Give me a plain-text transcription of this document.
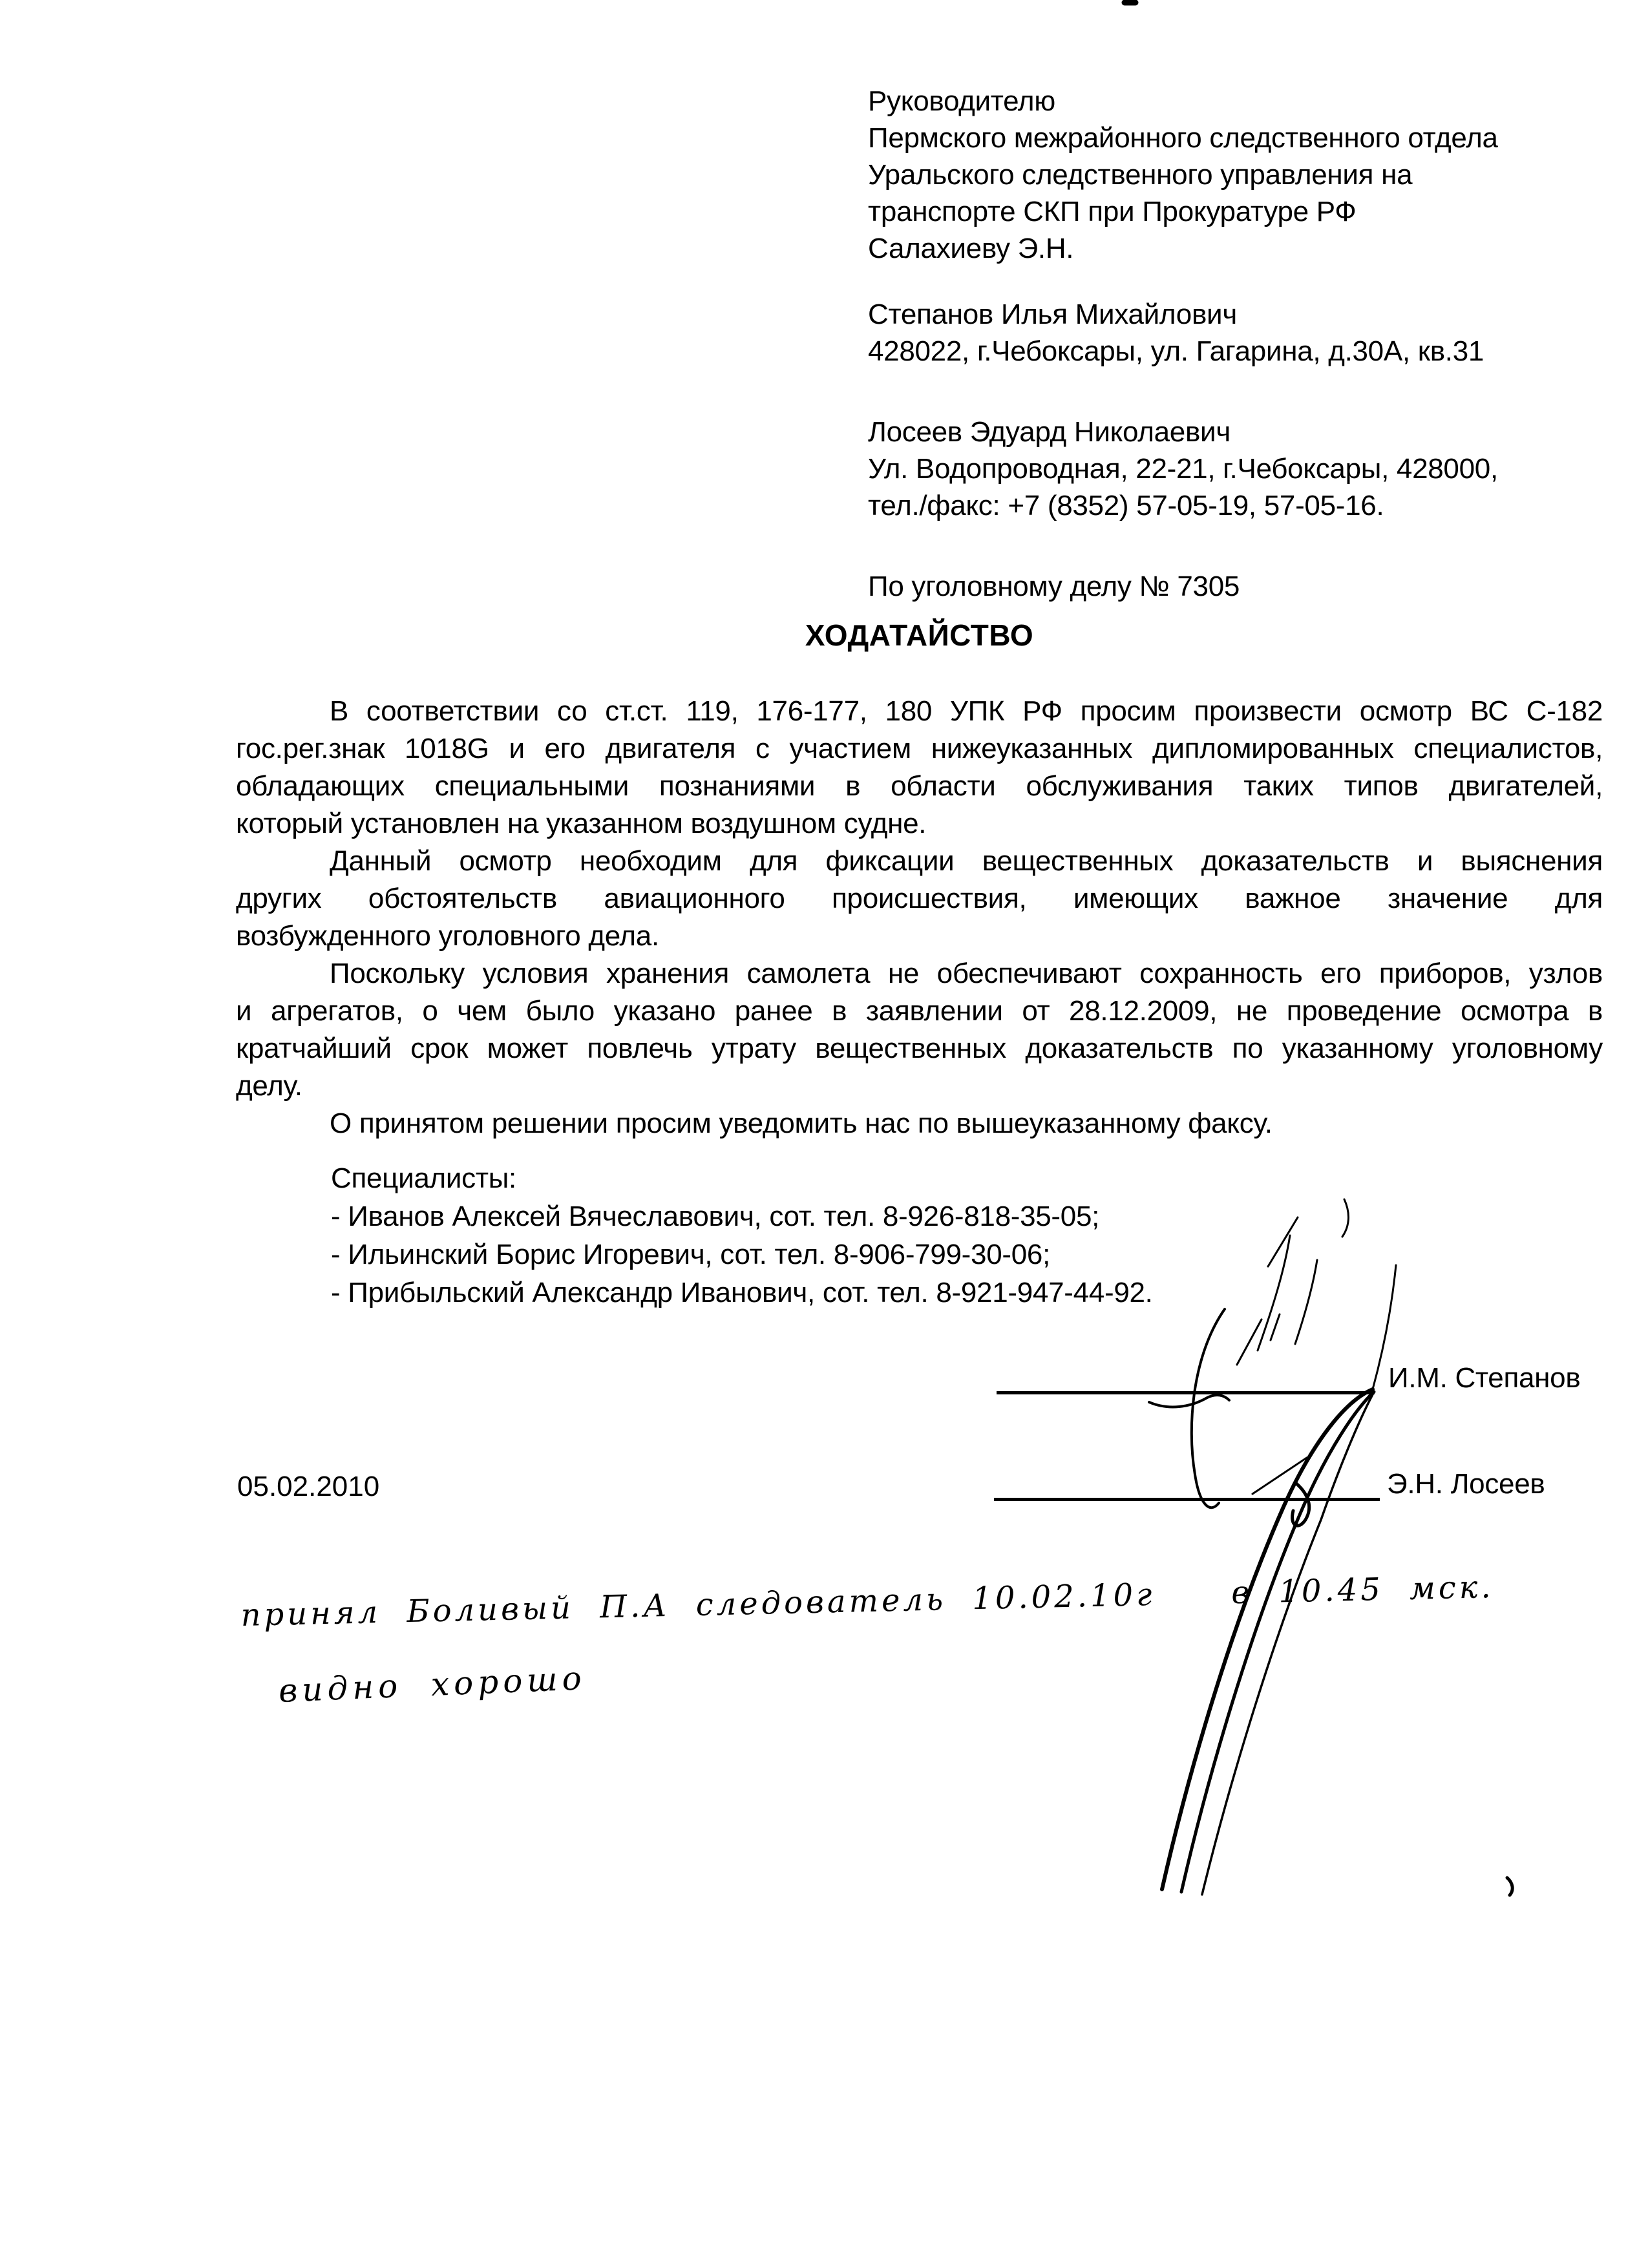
Руководителю
Пермского межрайонного следственного отдела
Уральского следственного управления на
транспорте СКП при Прокуратуре РФ
Салахиеву Э.Н.
Степанов Илья Михайлович
428022, г.Чебоксары, ул. Гагарина, д.30А, кв.31
Лосеев Эдуард Николаевич
Ул. Водопроводная, 22-21, г.Чебоксары, 428000,
тел./факс: +7 (8352) 57-05-19, 57-05-16.
По уголовному делу № 7305
ХОДАТАЙСТВО
В соответствии со ст.ст. 119, 176-177, 180 УПК РФ просим произвести осмотр ВС С-182
гос.рег.знак 1018G и его двигателя с участием нижеуказанных дипломированных специалистов,
обладающих специальными познаниями в области обслуживания таких типов двигателей,
который установлен на указанном воздушном судне.
Данный осмотр необходим для фиксации вещественных доказательств и выяснения
других обстоятельств авиационного происшествия, имеющих важное значение для
возбужденного уголовного дела.
Поскольку условия хранения самолета не обеспечивают сохранность его приборов, узлов
и агрегатов, о чем было указано ранее в заявлении от 28.12.2009, не проведение осмотра в
кратчайший срок может повлечь утрату вещественных доказательств по указанному уголовному
делу.
О принятом решении просим уведомить нас по вышеуказанному факсу.
Специалисты:
- Иванов Алексей Вячеславович, сот. тел. 8-926-818-35-05;
- Ильинский Борис Игоревич, сот. тел. 8-906-799-30-06;
- Прибыльский Александр Иванович, сот. тел. 8-921-947-44-92.
И.М. Степанов
05.02.2010	Э.Н. Лосеев
принял Боливый П.А следователь 10.02.10г в 10.45 мск.
видно хорошо
